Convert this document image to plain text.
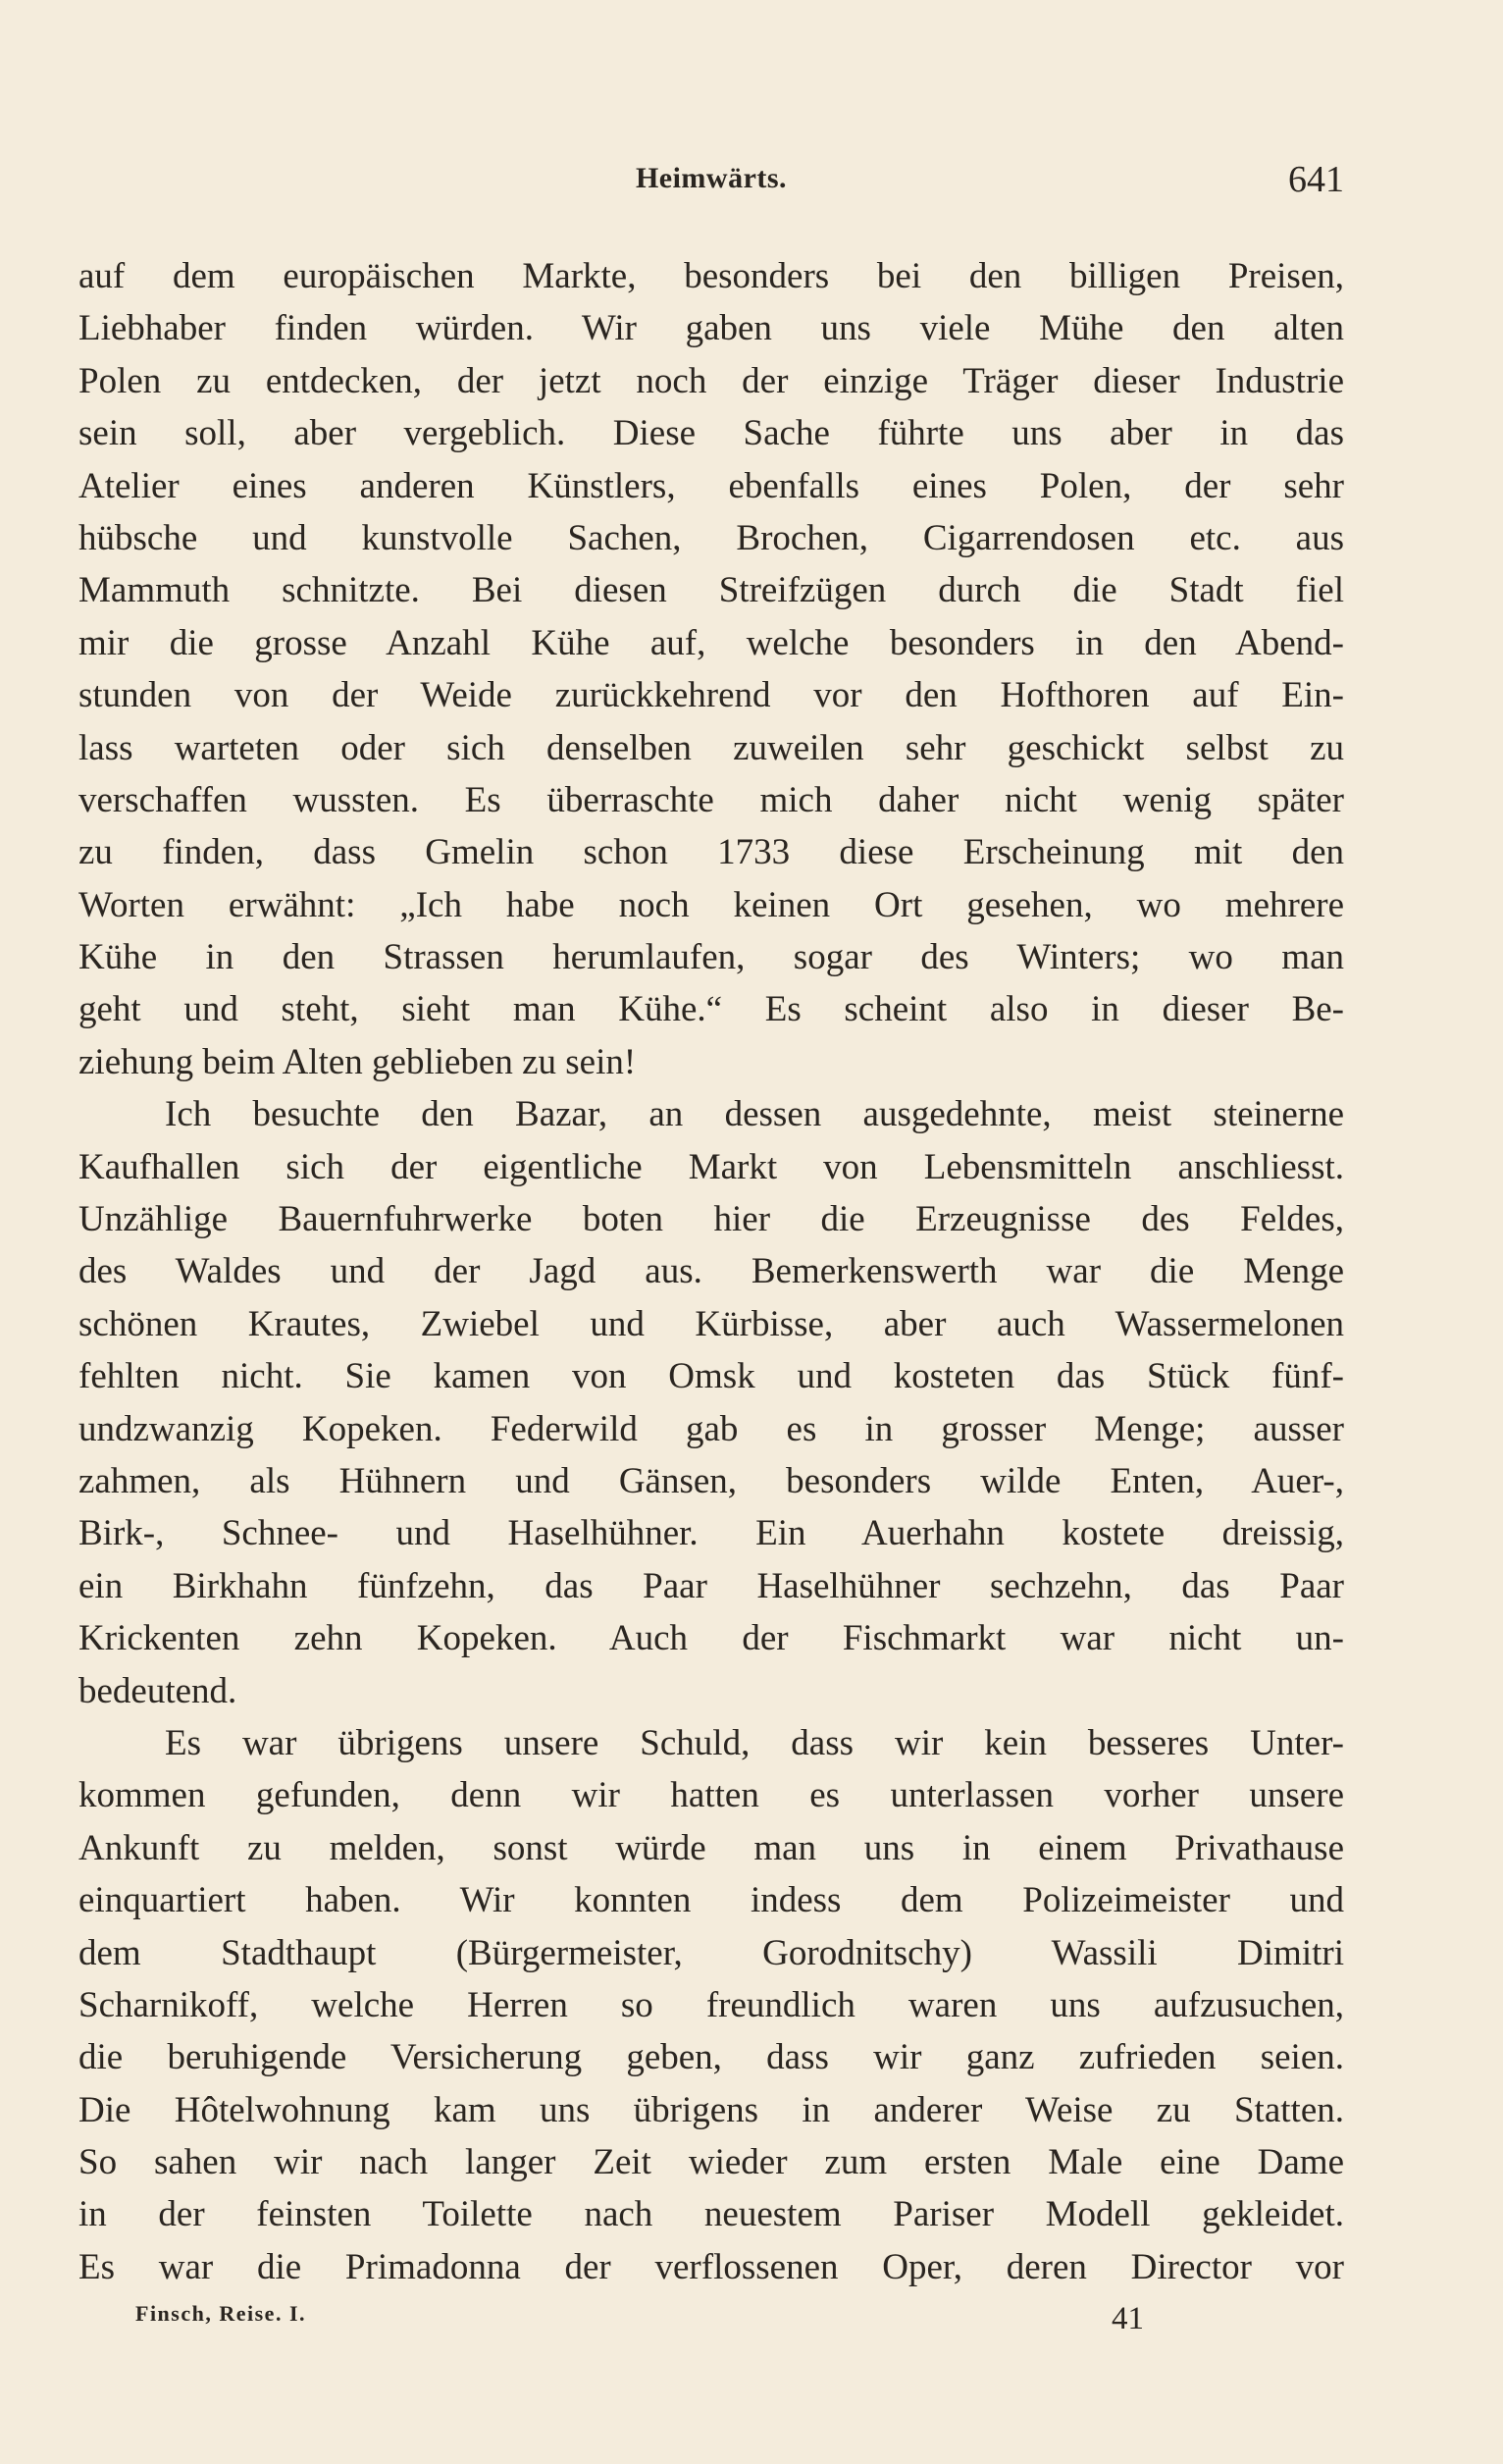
Heimwärts.	641
auf dem europäischen Markte, besonders bei den billigen Preisen,
Liebhaber finden würden. Wir gaben uns viele Mühe den alten
Polen zu entdecken, der jetzt noch der einzige Träger dieser Industrie
sein soll, aber vergeblich. Diese Sache führte uns aber in das
Atelier eines anderen Künstlers, ebenfalls eines Polen, der sehr
hübsche und kunstvolle Sachen, Brochen, Cigarrendosen etc. aus
Mammuth schnitzte. Bei diesen Streifzügen durch die Stadt fiel
mir die grosse Anzahl Kühe auf, welche besonders in den Abend-
stunden von der Weide zurückkehrend vor den Hofthoren auf Ein-
lass warteten oder sich denselben zuweilen sehr geschickt selbst zu
verschaffen wussten. Es überraschte mich daher nicht wenig später
zu finden, dass Gmelin schon 1733 diese Erscheinung mit den
Worten erwähnt: „Ich habe noch keinen Ort gesehen, wo mehrere
Kühe in den Strassen herumlaufen, sogar des Winters; wo man
geht und steht, sieht man Kühe.“ Es scheint also in dieser Be-
ziehung beim Alten geblieben zu sein!
Ich besuchte den Bazar, an dessen ausgedehnte, meist steinerne
Kaufhallen sich der eigentliche Markt von Lebensmitteln anschliesst.
Unzählige Bauernfuhrwerke boten hier die Erzeugnisse des Feldes,
des Waldes und der Jagd aus. Bemerkenswerth war die Menge
schönen Krautes, Zwiebel und Kürbisse, aber auch Wassermelonen
fehlten nicht. Sie kamen von Omsk und kosteten das Stück fünf-
undzwanzig Kopeken. Federwild gab es in grosser Menge; ausser
zahmen, als Hühnern und Gänsen, besonders wilde Enten, Auer-,
Birk-, Schnee- und Haselhühner. Ein Auerhahn kostete dreissig,
ein Birkhahn fünfzehn, das Paar Haselhühner sechzehn, das Paar
Krickenten zehn Kopeken. Auch der Fischmarkt war nicht un-
bedeutend.
Es war übrigens unsere Schuld, dass wir kein besseres Unter-
kommen gefunden, denn wir hatten es unterlassen vorher unsere
Ankunft zu melden, sonst würde man uns in einem Privathause
einquartiert haben. Wir konnten indess dem Polizeimeister und
dem Stadthaupt (Bürgermeister, Gorodnitschy) Wassili Dimitri
Scharnikoff, welche Herren so freundlich waren uns aufzusuchen,
die beruhigende Versicherung geben, dass wir ganz zufrieden seien.
Die Hôtelwohnung kam uns übrigens in anderer Weise zu Statten.
So sahen wir nach langer Zeit wieder zum ersten Male eine Dame
in der feinsten Toilette nach neuestem Pariser Modell gekleidet.
Es war die Primadonna der verflossenen Oper, deren Director vor
Finsch, Reise. I.	41
